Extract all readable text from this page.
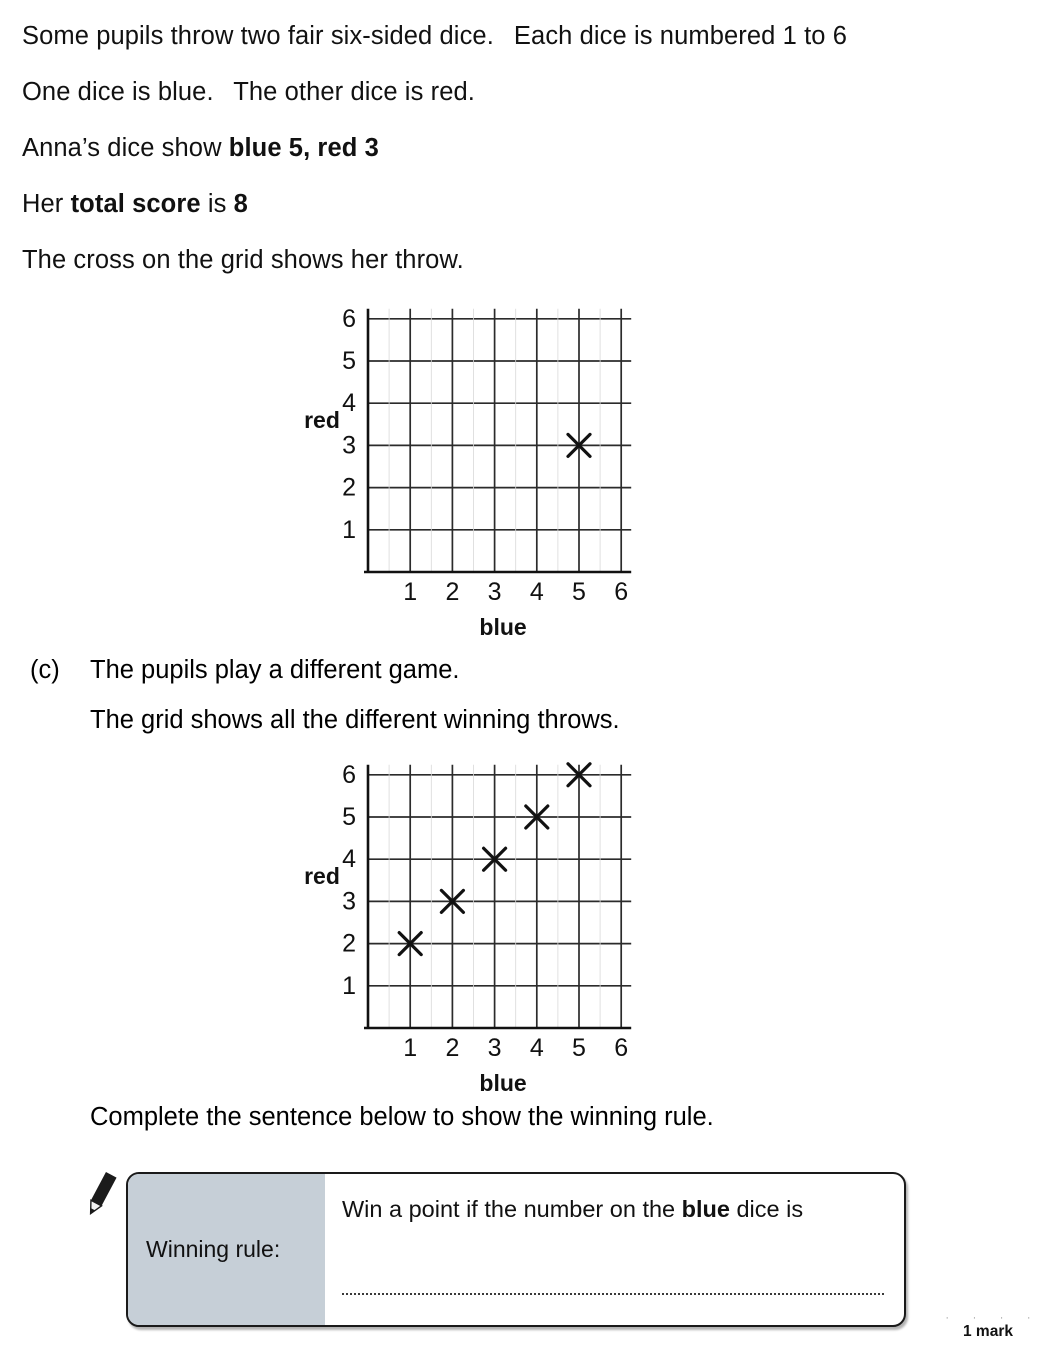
Some pupils throw two fair six-sided dice.  Each dice is numbered 1 to 6
One dice is blue.  The other dice is red.
Anna’s dice show blue 5, red 3
Her total score is 8
The cross on the grid shows her throw.
1
2
3
4
5
6
1 2 3 4 5 6
red
blue
(c)	The pupils play a different game.
The grid shows all the different winning throws.
1
2
3
4
5
6
1 2 3 4 5 6
red
blue
Complete the sentence below to show the winning rule.
Winning rule:
Win a point if the number on the blue dice is
· · · ·
1 mark
